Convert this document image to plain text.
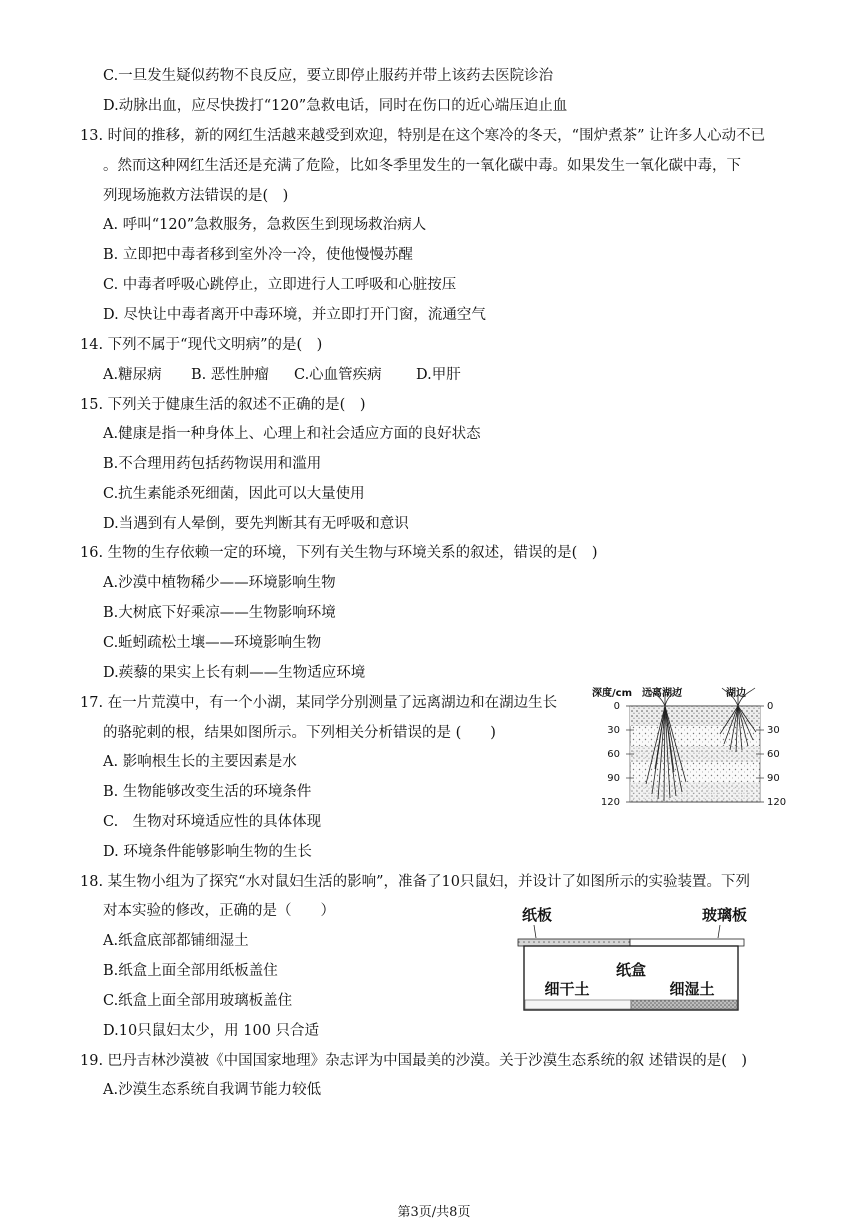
C.一旦发生疑似药物不良反应，要立即停止服药并带上该药去医院诊治
D.动脉出血，应尽快拨打“120”急救电话，同时在伤口的近心端压迫止血
13. 时间的推移，新的网红生活越来越受到欢迎，特别是在这个寒冷的冬天，“围炉煮茶” 让许多人心动不已
。然而这种网红生活还是充满了危险，比如冬季里发生的一氧化碳中毒。如果发生一氧化碳中毒，下
列现场施救方法错误的是(　)
A. 呼叫“120”急救服务，急救医生到现场救治病人
B. 立即把中毒者移到室外冷一冷，使他慢慢苏醒
C. 中毒者呼吸心跳停止，立即进行人工呼吸和心脏按压
D. 尽快让中毒者离开中毒环境，并立即打开门窗，流通空气
14. 下列不属于“现代文明病”的是(　)
A.糖尿病 B. 恶性肿瘤 C.心血管疾病 D.甲肝
15. 下列关于健康生活的叙述不正确的是(　)
A.健康是指一种身体上、心理上和社会适应方面的良好状态
B.不合理用药包括药物误用和滥用
C.抗生素能杀死细菌，因此可以大量使用
D.当遇到有人晕倒，要先判断其有无呼吸和意识
16. 生物的生存依赖一定的环境，下列有关生物与环境关系的叙述，错误的是(　)
A.沙漠中植物稀少——环境影响生物
B.大树底下好乘凉——生物影响环境
C.蚯蚓疏松土壤——环境影响生物
D.蒺藜的果实上长有刺——生物适应环境
17. 在一片荒漠中，有一个小湖，某同学分别测量了远离湖边和在湖边生长
的骆驼刺的根，结果如图所示。下列相关分析错误的是 (　　)
A. 影响根生长的主要因素是水
B. 生物能够改变生活的环境条件
C.　生物对环境适应性的具体体现
D. 环境条件能够影响生物的生长
深度/cm 远离湖边	湖边
0
30
60
90
120
0
30
60
90
120
18. 某生物小组为了探究“水对鼠妇生活的影响”，准备了10只鼠妇，并设计了如图所示的实验装置。下列
对本实验的修改，正确的是（　　）
A.纸盒底部都铺细湿土
B.纸盒上面全部用纸板盖住
C.纸盒上面全部用玻璃板盖住
D.10只鼠妇太少，用 100 只合适
纸板	玻璃板
纸盒
细干土	细湿土
19. 巴丹吉林沙漠被《中国国家地理》杂志评为中国最美的沙漠。关于沙漠生态系统的叙 述错误的是(　)
A.沙漠生态系统自我调节能力较低
第3页/共8页
